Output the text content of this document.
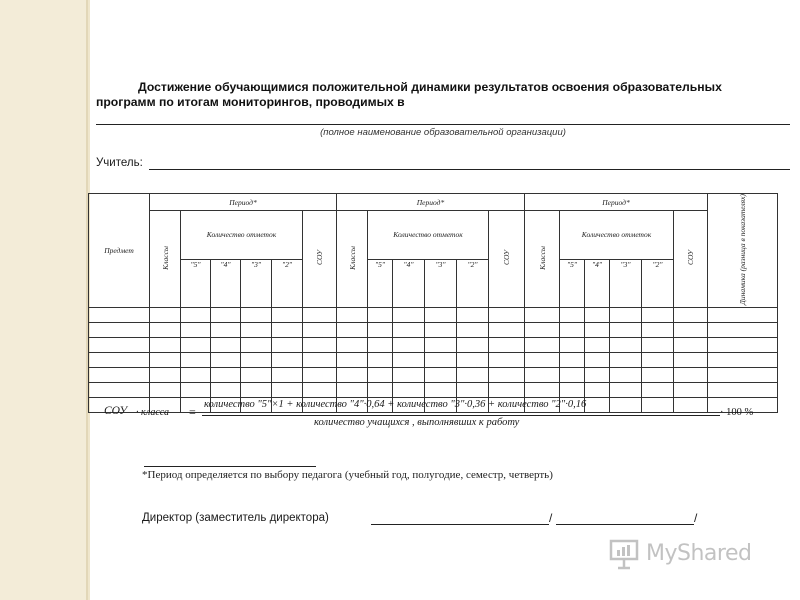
Достижение обучающимися положительной динамики результатов освоения образовательных
программ по итогам мониторингов, проводимых в
(полное наименование образовательной организации)
Учитель:
Предмет	Период*						Период*						Период*						Динамика (разница в показателях)
	Классы	Количество отметок				СОУ	Классы	Количество отметок				СОУ	Классы	Количество отметок				СОУ	
		"5"	"4"	"3"	"2"			"5"	"4"	"3"	"2"			"5"	"4"	"3"	"2"		

СОУ · класса =
количество "5"×1 + количество "4"·0,64 + количество "3"·0,36 + количество "2"·0,16
количество учащихся , выполнявших к работу
· 100 %
*Период определяется по выбору педагога (учебный год, полугодие, семестр, четверть)
Директор (заместитель директора)	/	/
MyShared
